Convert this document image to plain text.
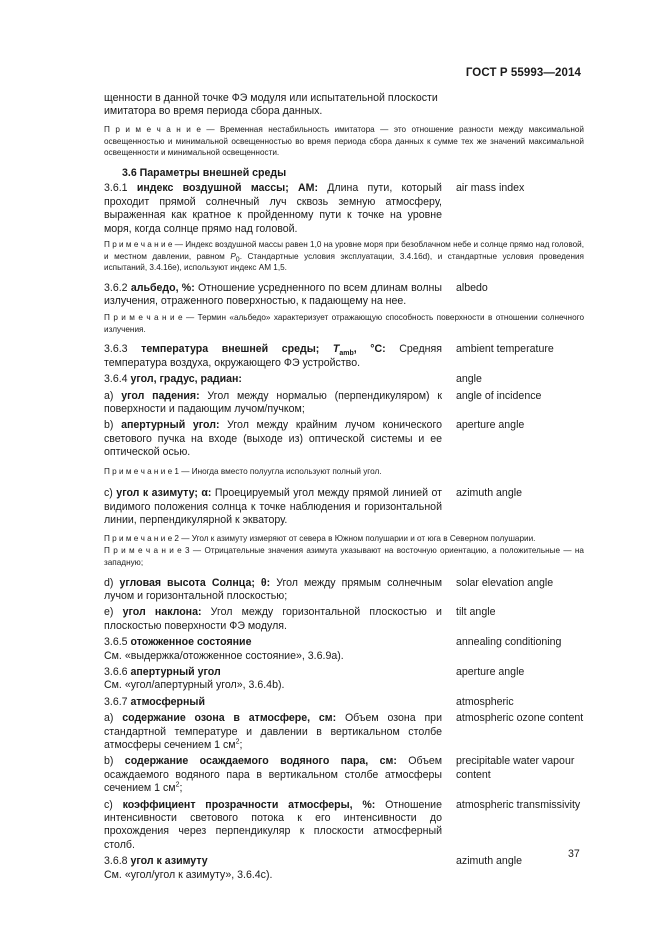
ГОСТ Р 55993—2014

щенности в данной точке ФЭ модуля или испытательной плоскости имитатора во время периода сбора данных.

П р и м е ч а н и е — Временная нестабильность имитатора — это отношение разности между максимальной освещенностью и минимальной освещенностью во время периода сбора данных к сумме тех же значений максимальной освещенности и минимальной освещенности.

3.6 Параметры внешней среды
3.6.1 индекс воздушной массы; AM: Длина пути, который проходит прямой солнечный луч сквозь земную атмосферу, выраженная как кратное к пройденному пути к точке на уровне моря, когда солнце прямо над головой.
air mass index

П р и м е ч а н и е — Индекс воздушной массы равен 1,0 на уровне моря при безоблачном небе и солнце прямо над головой, и местном давлении, равном $P_0$. Стандартные условия эксплуатации, 3.4.16d), и стандартные условия проведения испытаний, 3.4.16e), используют индекс AM 1,5.

3.6.2 альбедо, %: Отношение усредненного по всем длинам волны излучения, отраженного поверхностью, к падающему на нее.
albedo

П р и м е ч а н и е — Термин «альбедо» характеризует отражающую способность поверхности в отношении солнечного излучения.

3.6.3 температура внешней среды; $T_{amb}$, °С: Средняя температура воздуха, окружающего ФЭ устройство.
ambient temperature
3.6.4 угол, градус, радиан:	angle
a) угол падения: Угол между нормалью (перпендикуляром) к поверхности и падающим лучом/пучком;
angle of incidence
b) апертурный угол: Угол между крайним лучом конического светового пучка на входе (выходе из) оптической системы и ее оптической осью.
aperture angle

П р и м е ч а н и е 1 — Иногда вместо полуугла используют полный угол.

c) угол к азимуту; α: Проецируемый угол между прямой линией от видимого положения солнца к точке наблюдения и горизонтальной линии, перпендикулярной к экватору.
azimuth angle

П р и м е ч а н и е 2 — Угол к азимуту измеряют от севера в Южном полушарии и от юга в Северном полушарии.

П р и м е ч а н и е 3 — Отрицательные значения азимута указывают на восточную ориентацию, а положительные — на западную;

d) угловая высота Солнца; θ: Угол между прямым солнечным лучом и горизонтальной плоскостью;
solar elevation angle
e) угол наклона: Угол между горизонтальной плоскостью и плоскостью поверхности ФЭ модуля.
tilt angle
3.6.5 отожженное состояние
См. «выдержка/отожженное состояние», 3.6.9a).
annealing conditioning
3.6.6 апертурный угол
См. «угол/апертурный угол», 3.6.4b).
aperture angle
3.6.7 атмосферный	atmospheric
a) содержание озона в атмосфере, см: Объем озона при стандартной температуре и давлении в вертикальном столбе атмосферы сечением 1 $см^2$;
atmospheric ozone content
b) содержание осаждаемого водяного пара, см: Объем осаждаемого водяного пара в вертикальном столбе атмосферы сечением 1 $см^2$;
precipitable water vapour content
c) коэффициент прозрачности атмосферы, %: Отношение интенсивности светового потока к его интенсивности до прохождения через перпендикуляр к плоскости атмосферный столб.
atmospheric transmissivity
3.6.8 угол к азимуту
См. «угол/угол к азимуту», 3.6.4c).
azimuth angle
37
